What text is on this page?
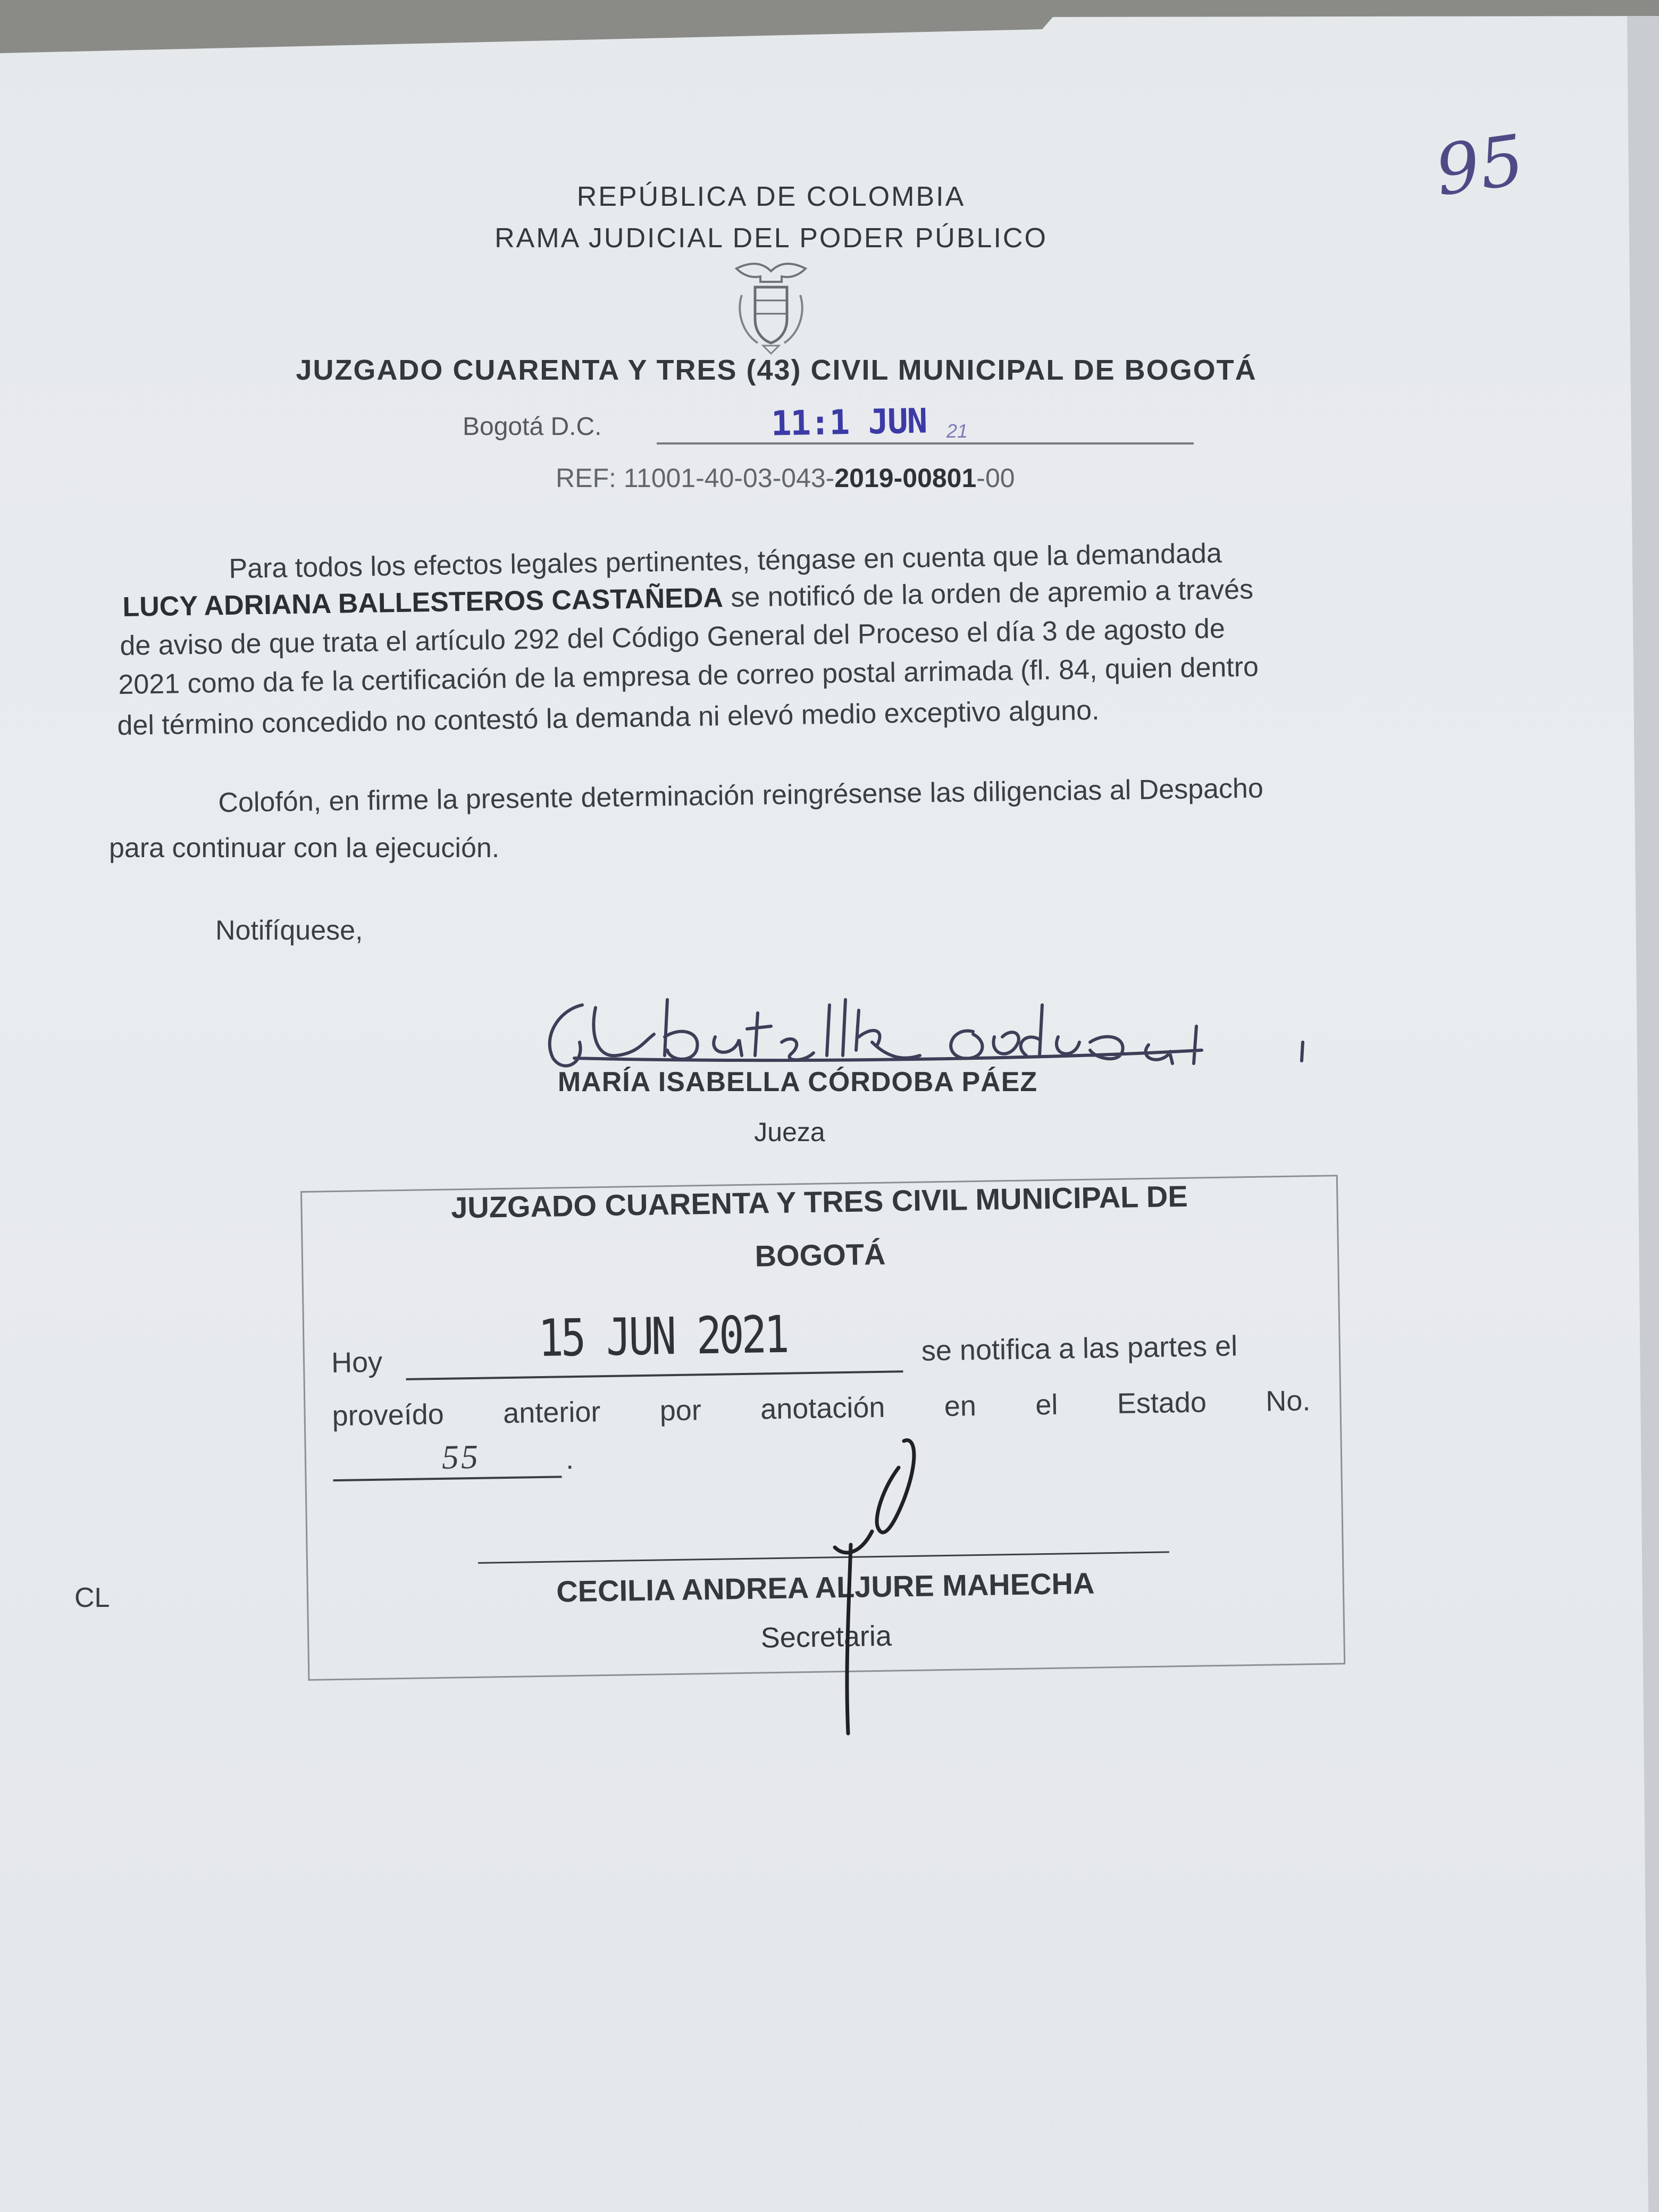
95
REPÚBLICA DE COLOMBIA
RAMA JUDICIAL DEL PODER PÚBLICO
JUZGADO CUARENTA Y TRES (43) CIVIL MUNICIPAL DE BOGOTÁ
Bogotá D.C.	11:1 JUN 21
REF: 11001-40-03-043-2019-00801-00
Para todos los efectos legales pertinentes, téngase en cuenta que la demandada
LUCY ADRIANA BALLESTEROS CASTAÑEDA se notificó de la orden de apremio a través
de aviso de que trata el artículo 292 del Código General del Proceso el día 3 de agosto de
2021 como da fe la certificación de la empresa de correo postal arrimada (fl. 84, quien dentro
del término concedido no contestó la demanda ni elevó medio exceptivo alguno.
Colofón, en firme la presente determinación reingrésense las diligencias al Despacho
para continuar con la ejecución.
Notifíquese,
MARÍA ISABELLA CÓRDOBA PÁEZ
Jueza
JUZGADO CUARENTA Y TRES CIVIL MUNICIPAL DE
BOGOTÁ
Hoy	15 JUN 2021	se notifica a las partes el
proveído anterior por anotación en el Estado No.
55	.
CECILIA ANDREA ALJURE MAHECHA
Secretaria
CL
